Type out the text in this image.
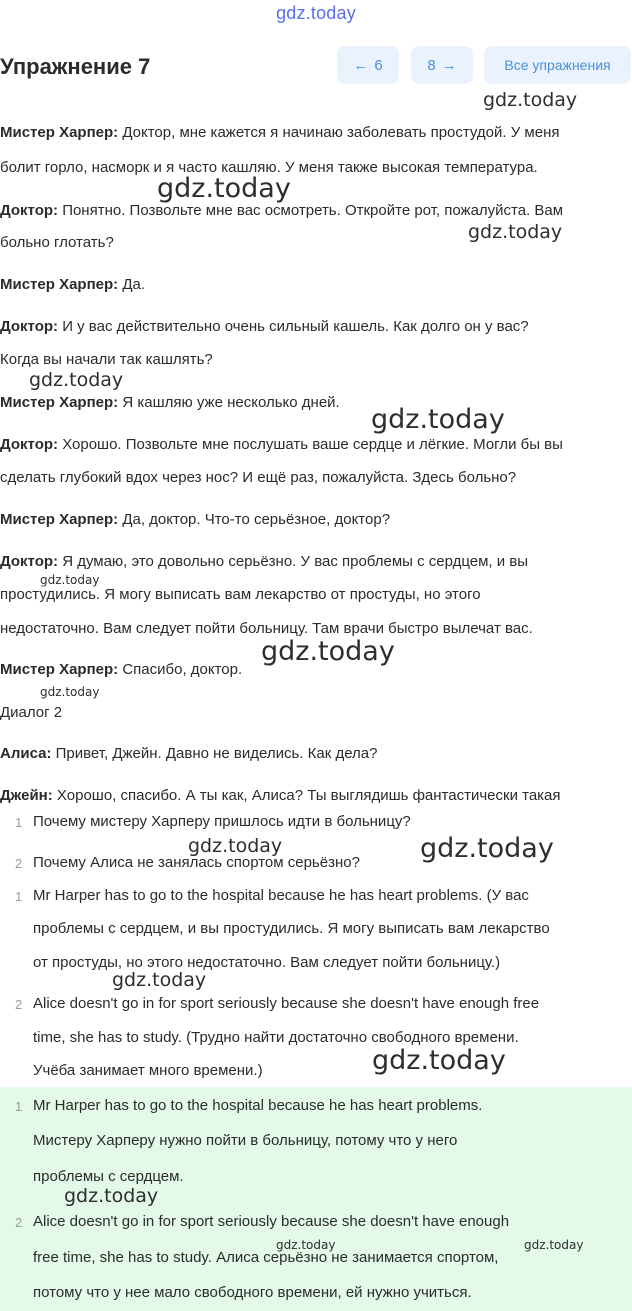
gdz.today
Упражнение 7	← 6	8 →	Все упражнения
Мистер Харпер: Доктор, мне кажется я начинаю заболевать простудой. У меня
болит горло, насморк и я часто кашляю. У меня также высокая температура.
Доктор: Понятно. Позвольте мне вас осмотреть. Откройте рот, пожалуйста. Вам
больно глотать?
Мистер Харпер: Да.
Доктор: И у вас действительно очень сильный кашель. Как долго он у вас?
Когда вы начали так кашлять?
Мистер Харпер: Я кашляю уже несколько дней.
Доктор: Хорошо. Позвольте мне послушать ваше сердце и лёгкие. Могли бы вы
сделать глубокий вдох через нос? И ещё раз, пожалуйста. Здесь больно?
Мистер Харпер: Да, доктор. Что-то серьёзное, доктор?
Доктор: Я думаю, это довольно серьёзно. У вас проблемы с сердцем, и вы
простудились. Я могу выписать вам лекарство от простуды, но этого
недостаточно. Вам следует пойти больницу. Там врачи быстро вылечат вас.
Мистер Харпер: Спасибо, доктор.
Диалог 2
Алиса: Привет, Джейн. Давно не виделись. Как дела?
Джейн: Хорошо, спасибо. А ты как, Алиса? Ты выглядишь фантастически такая
1 Почему мистеру Харперу пришлось идти в больницу?
2 Почему Алиса не занялась спортом серьёзно?
1 Mr Harper has to go to the hospital because he has heart problems. (У вас
проблемы с сердцем, и вы простудились. Я могу выписать вам лекарство
от простуды, но этого недостаточно. Вам следует пойти больницу.)
2 Alice doesn't go in for sport seriously because she doesn't have enough free
time, she has to study. (Трудно найти достаточно свободного времени.
Учёба занимает много времени.)
1 Mr Harper has to go to the hospital because he has heart problems.
Мистеру Харперу нужно пойти в больницу, потому что у него
проблемы с сердцем.
2 Alice doesn't go in for sport seriously because she doesn't have enough
free time, she has to study. Алиса серьёзно не занимается спортом,
потому что у нее мало свободного времени, ей нужно учиться.
gdz.today
gdz.today
gdz.today
gdz.today
gdz.today
gdz.today
gdz.today
gdz.today
gdz.today	gdz.today
gdz.today
gdz.today
gdz.today
gdz.today	gdz.today
